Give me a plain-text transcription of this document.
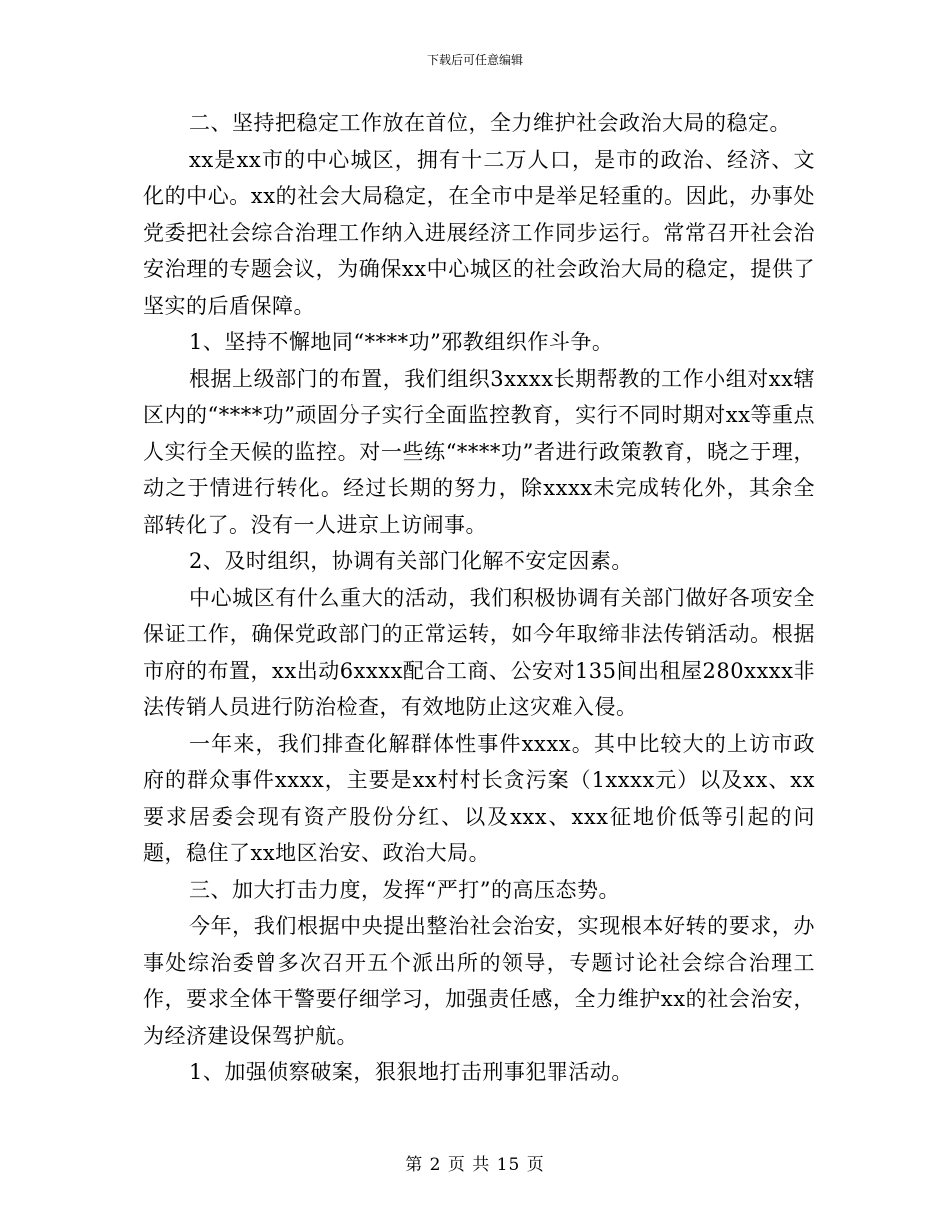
下载后可任意编辑

二、坚持把稳定工作放在首位，全力维护社会政治大局的稳定。

xx是xx市的中心城区，拥有十二万人口，是市的政治、经济、文化的中心。xx的社会大局稳定，在全市中是举足轻重的。因此，办事处党委把社会综合治理工作纳入进展经济工作同步运行。常常召开社会治安治理的专题会议，为确保xx中心城区的社会政治大局的稳定，提供了坚实的后盾保障。

1、坚持不懈地同“****功”邪教组织作斗争。

根据上级部门的布置，我们组织3xxxx长期帮教的工作小组对xx辖区内的“****功”顽固分子实行全面监控教育，实行不同时期对xx等重点人实行全天候的监控。对一些练“****功”者进行政策教育，晓之于理，动之于情进行转化。经过长期的努力，除xxxx未完成转化外，其余全部转化了。没有一人进京上访闹事。

2、及时组织，协调有关部门化解不安定因素。

中心城区有什么重大的活动，我们积极协调有关部门做好各项安全保证工作，确保党政部门的正常运转，如今年取缔非法传销活动。根据市府的布置，xx出动6xxxx配合工商、公安对135间出租屋280xxxx非法传销人员进行防治检查，有效地防止这灾难入侵。

一年来，我们排查化解群体性事件xxxx。其中比较大的上访市政府的群众事件xxxx，主要是xx村村长贪污案（1xxxx元）以及xx、xx要求居委会现有资产股份分红、以及xxx、xxx征地价低等引起的问题，稳住了xx地区治安、政治大局。

三、加大打击力度，发挥“严打”的高压态势。

今年，我们根据中央提出整治社会治安，实现根本好转的要求，办事处综治委曾多次召开五个派出所的领导，专题讨论社会综合治理工作，要求全体干警要仔细学习，加强责任感，全力维护xx的社会治安，为经济建设保驾护航。

1、加强侦察破案，狠狠地打击刑事犯罪活动。

第 2 页 共 15 页
